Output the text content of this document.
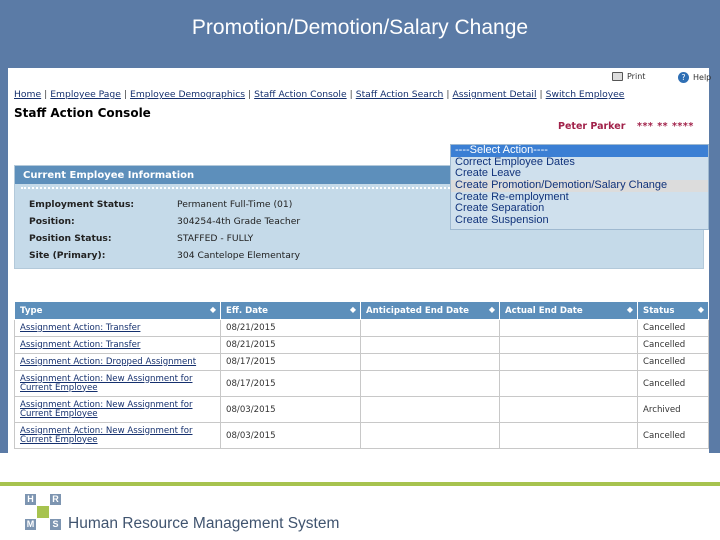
Promotion/Demotion/Salary Change
Print	? Help
Home | Employee Page | Employee Demographics | Staff Action Console | Staff Action Search | Assignment Detail | Switch Employee
Staff Action Console
Peter Parker *** ** ****
Current Employee Information
Employment Status:	Permanent Full-Time (01)
Position:	304254-4th Grade Teacher
Position Status:	STAFFED - FULLY
Site (Primary):	304 Cantelope Elementary
----Select Action----
Correct Employee Dates
Create Leave
Create Promotion/Demotion/Salary Change
Create Re-employment
Create Separation
Create Suspension
Type ◆	Eff. Date ◆	Anticipated End Date ◆	Actual End Date ◆	Status ◆

Assignment Action: Transfer	08/21/2015			Cancelled
Assignment Action: Transfer	08/21/2015			Cancelled
Assignment Action: Dropped Assignment	08/17/2015			Cancelled
Assignment Action: New Assignment for Current Employee	08/17/2015			Cancelled
Assignment Action: New Assignment for Current Employee	08/03/2015			Archived
Assignment Action: New Assignment for Current Employee	08/03/2015			Cancelled
H R
M S Human Resource Management System
